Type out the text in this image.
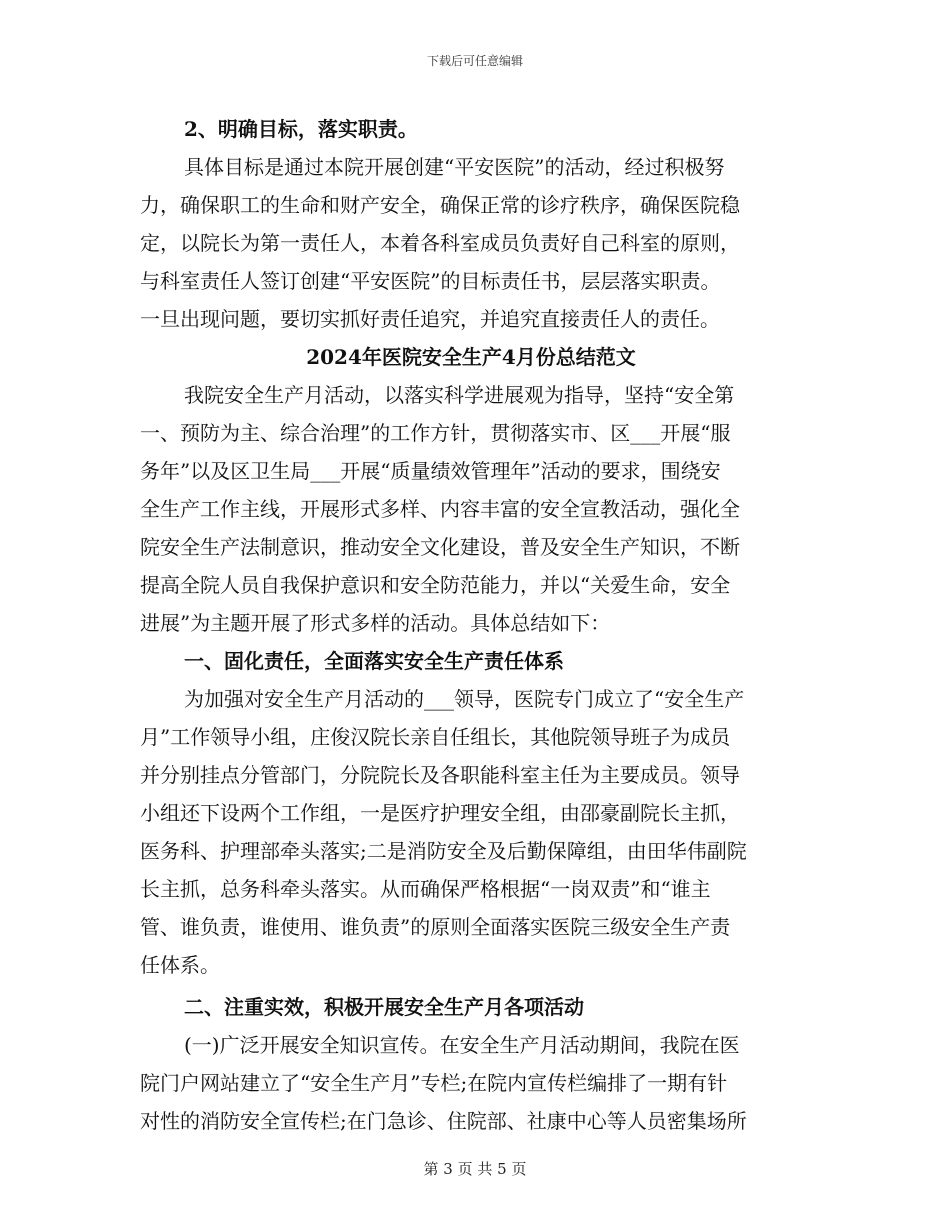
下载后可任意编辑
2、明确目标，落实职责。
具体目标是通过本院开展创建“平安医院”的活动，经过积极努
力，确保职工的生命和财产安全，确保正常的诊疗秩序，确保医院稳
定，以院长为第一责任人，本着各科室成员负责好自己科室的原则，
与科室责任人签订创建“平安医院”的目标责任书，层层落实职责。
一旦出现问题，要切实抓好责任追究，并追究直接责任人的责任。
2024年医院安全生产4月份总结范文
我院安全生产月活动，以落实科学进展观为指导，坚持“安全第
一、预防为主、综合治理”的工作方针，贯彻落实市、区___开展“服
务年”以及区卫生局___开展“质量绩效管理年”活动的要求，围绕安
全生产工作主线，开展形式多样、内容丰富的安全宣教活动，强化全
院安全生产法制意识，推动安全文化建设，普及安全生产知识，不断
提高全院人员自我保护意识和安全防范能力，并以“关爱生命，安全
进展”为主题开展了形式多样的活动。具体总结如下：
一、固化责任，全面落实安全生产责任体系
为加强对安全生产月活动的___领导，医院专门成立了“安全生产
月”工作领导小组，庄俊汉院长亲自任组长，其他院领导班子为成员
并分别挂点分管部门，分院院长及各职能科室主任为主要成员。领导
小组还下设两个工作组，一是医疗护理安全组，由邵豪副院长主抓，
医务科、护理部牵头落实;二是消防安全及后勤保障组，由田华伟副院
长主抓，总务科牵头落实。从而确保严格根据“一岗双责”和“谁主
管、谁负责，谁使用、谁负责”的原则全面落实医院三级安全生产责
任体系。
二、注重实效，积极开展安全生产月各项活动
(一)广泛开展安全知识宣传。在安全生产月活动期间，我院在医
院门户网站建立了“安全生产月”专栏;在院内宣传栏编排了一期有针
对性的消防安全宣传栏;在门急诊、住院部、社康中心等人员密集场所
第 3 页 共 5 页
